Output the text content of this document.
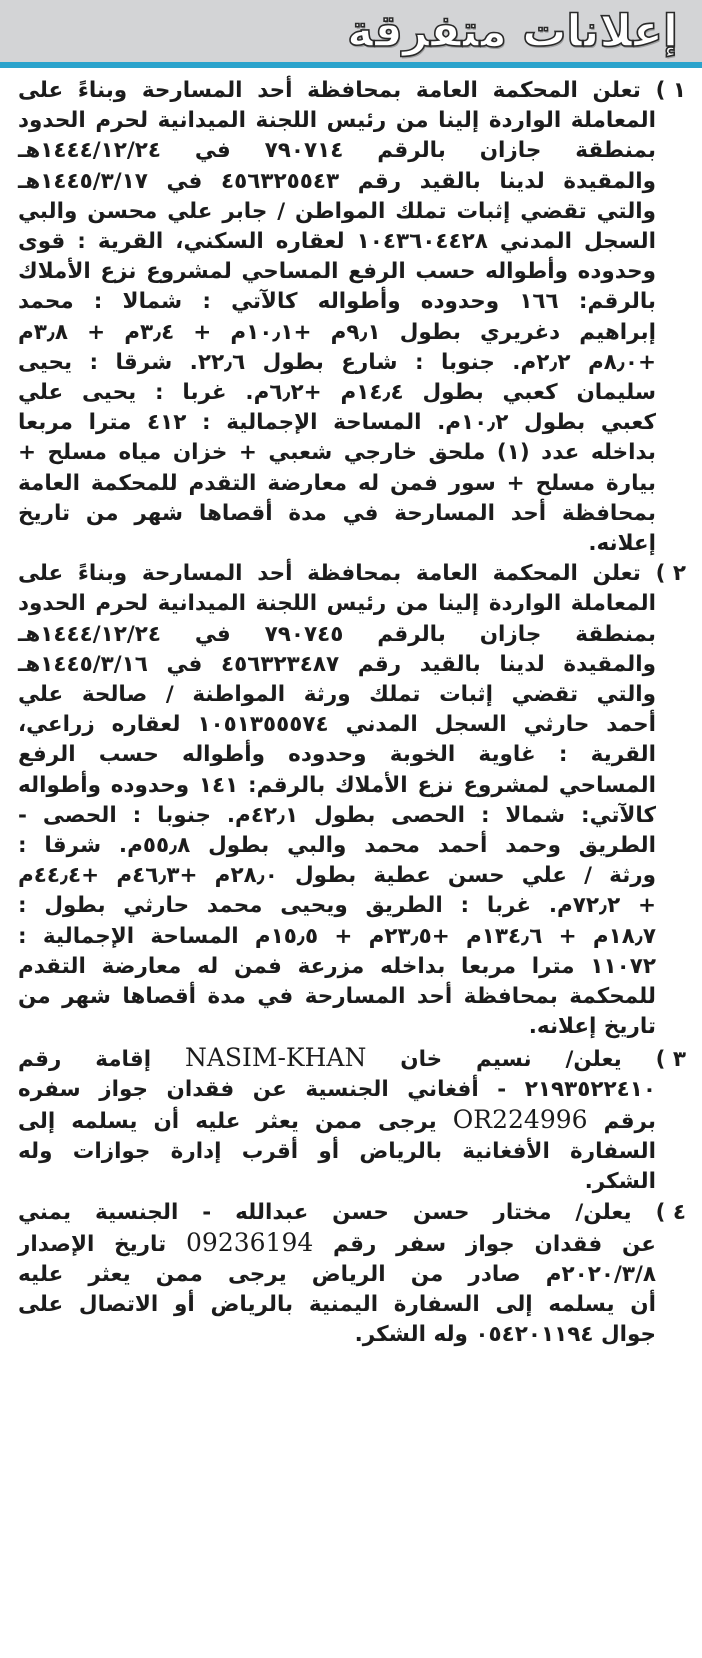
إعلانات متفرقة
١ ) تعلن المحكمة العامة بمحافظة أحد المسارحة وبناءً على
المعاملة الواردة إلينا من رئيس اللجنة الميدانية لحرم الحدود
بمنطقة جازان بالرقم ٧٩٠٧١٤ في ١٤٤٤/١٢/٢٤هـ
والمقيدة لدينا بالقيد رقم ٤٥٦٣٢٥٥٤٣ في ١٤٤٥/٣/١٧هـ
والتي تقضي إثبات تملك المواطن / جابر علي محسن والبي
السجل المدني ١٠٤٣٦٠٤٤٢٨ لعقاره السكني، القرية : قوى
وحدوده وأطواله حسب الرفع المساحي لمشروع نزع الأملاك
بالرقم: ١٦٦ وحدوده وأطواله كالآتي : شمالا : محمد
إبراهيم دغريري بطول ٩٫١م +١٠٫١م + ٣٫٤م + ٣٫٨م
+٨٫٠م ٢٫٢م. جنوبا : شارع بطول ٢٢٫٦. شرقا : يحيى
سليمان كعبي بطول ١٤٫٤م +٦٫٢م. غربا : يحيى علي
كعبي بطول ١٠٫٢م. المساحة الإجمالية : ٤١٢ مترا مربعا
بداخله عدد (١) ملحق خارجي شعبي + خزان مياه مسلح +
بيارة مسلح + سور فمن له معارضة التقدم للمحكمة العامة
بمحافظة أحد المسارحة في مدة أقصاها شهر من تاريخ
إعلانه.
٢ ) تعلن المحكمة العامة بمحافظة أحد المسارحة وبناءً على
المعاملة الواردة إلينا من رئيس اللجنة الميدانية لحرم الحدود
بمنطقة جازان بالرقم ٧٩٠٧٤٥ في ١٤٤٤/١٢/٢٤هـ
والمقيدة لدينا بالقيد رقم ٤٥٦٣٢٣٤٨٧ في ١٤٤٥/٣/١٦هـ
والتي تقضي إثبات تملك ورثة المواطنة / صالحة علي
أحمد حارثي السجل المدني ١٠٥١٣٥٥٥٧٤ لعقاره زراعي،
القرية : غاوية الخوبة وحدوده وأطواله حسب الرفع
المساحي لمشروع نزع الأملاك بالرقم: ١٤١ وحدوده وأطواله
كالآتي: شمالا : الحصى بطول ٤٢٫١م. جنوبا : الحصى -
الطريق وحمد أحمد محمد والبي بطول ٥٥٫٨م. شرقا :
ورثة / علي حسن عطية بطول ٢٨٫٠م +٤٦٫٣م +٤٤٫٤م
+ ٧٢٫٢م. غربا : الطريق ويحيى محمد حارثي بطول :
١٨٫٧م + ١٣٤٫٦م +٢٣٫٥م + ١٥٫٥م المساحة الإجمالية :
١١٠٧٢ مترا مربعا بداخله مزرعة فمن له معارضة التقدم
للمحكمة بمحافظة أحد المسارحة في مدة أقصاها شهر من
تاريخ إعلانه.
٣ ) يعلن/ نسيم خان NASIM-KHAN إقامة رقم
٢١٩٣٥٢٢٤١٠ - أفغاني الجنسية عن فقدان جواز سفره
برقم OR224996 يرجى ممن يعثر عليه أن يسلمه إلى
السفارة الأفغانية بالرياض أو أقرب إدارة جوازات وله
الشكر.
٤ ) يعلن/ مختار حسن حسن عبدالله - الجنسية يمني
عن فقدان جواز سفر رقم 09236194 تاريخ الإصدار
٢٠٢٠/٣/٨م صادر من الرياض يرجى ممن يعثر عليه
أن يسلمه إلى السفارة اليمنية بالرياض أو الاتصال على
جوال ٠٥٤٢٠١١٩٤ وله الشكر.
